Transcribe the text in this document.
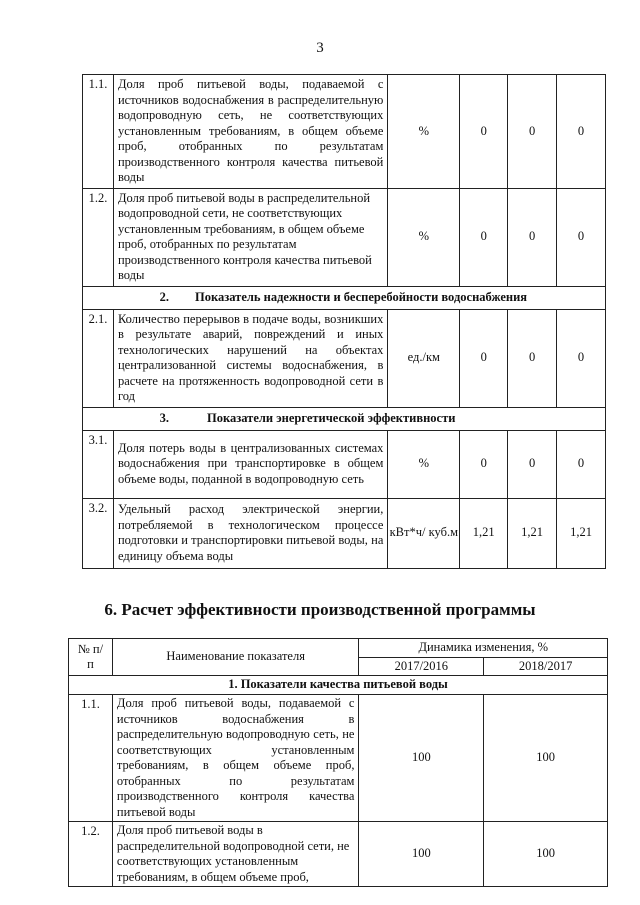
3
1.1.	Доля проб питьевой воды, подаваемой с источников водоснабжения в распределительную водопроводную сеть, не соответствующих установленным требованиям, в общем объеме проб, отобранных по результатам производственного контроля качества питьевой воды	%	0	0	0
1.2.	Доля проб питьевой воды в распределительной водопроводной сети, не соответствующих установленным требованиям, в общем объеме проб, отобранных по результатам производственного контроля качества питьевой воды	%	0	0	0

2. Показатель надежности и бесперебойности водоснабжения					

2.1.	Количество перерывов в подаче воды, возникших в результате аварий, повреждений и иных технологических нарушений на объектах централизованной системы водоснабжения, в расчете на протяженность водопроводной сети в год	ед./км	0	0	0

3. Показатели энергетической эффективности					

3.1.	Доля потерь воды в централизованных системах водоснабжения при транспортировке в общем объеме воды, поданной в водопроводную сеть	%	0	0	0
3.2.	Удельный расход электрической энергии, потребляемой в технологическом процессе подготовки и транспортировки питьевой воды, на единицу объема воды	кВт*ч/ куб.м	1,21	1,21	1,21
6. Расчет эффективности производственной программы
№ п/п	Наименование показателя	Динамика изменения, %	
		2017/2016	2018/2017
1. Показатели качества питьевой воды			
1.1.	Доля проб питьевой воды, подаваемой с источников водоснабжения в распределительную водопроводную сеть, не соответствующих установленным требованиям, в общем объеме проб, отобранных по результатам производственного контроля качества питьевой воды	100	100
1.2.	Доля проб питьевой воды в распределительной водопроводной сети, не соответствующих установленным требованиям, в общем объеме проб,	100	100
